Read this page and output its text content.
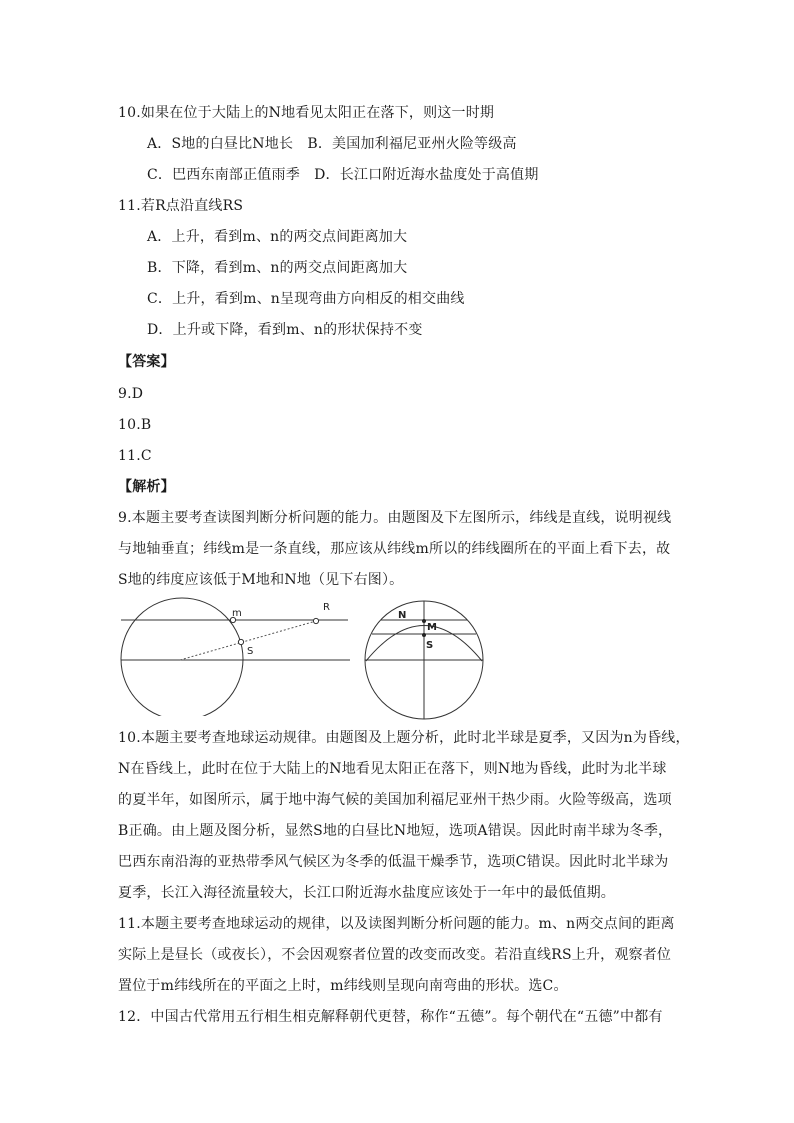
10.如果在位于大陆上的N地看见太阳正在落下，则这一时期
A．S地的白昼比N地长　B．美国加利福尼亚州火险等级高
C．巴西东南部正值雨季　D．长江口附近海水盐度处于高值期
11.若R点沿直线RS
A．上升，看到m、n的两交点间距离加大
B．下降，看到m、n的两交点间距离加大
C．上升，看到m、n呈现弯曲方向相反的相交曲线
D．上升或下降，看到m、n的形状保持不变
【答案】
9.D
10.B
11.C
【解析】
9.本题主要考查读图判断分析问题的能力。由题图及下左图所示，纬线是直线，说明视线
与地轴垂直；纬线m是一条直线，那应该从纬线m所以的纬线圈所在的平面上看下去，故
S地的纬度应该低于M地和N地（见下右图）。
m
R
S
N
M
S
10.本题主要考查地球运动规律。由题图及上题分析，此时北半球是夏季，又因为n为昏线，
N在昏线上，此时在位于大陆上的N地看见太阳正在落下，则N地为昏线，此时为北半球
的夏半年，如图所示，属于地中海气候的美国加利福尼亚州干热少雨。火险等级高，选项
B正确。由上题及图分析，显然S地的白昼比N地短，选项A错误。因此时南半球为冬季，
巴西东南沿海的亚热带季风气候区为冬季的低温干燥季节，选项C错误。因此时北半球为
夏季，长江入海径流量较大，长江口附近海水盐度应该处于一年中的最低值期。
11.本题主要考查地球运动的规律，以及读图判断分析问题的能力。m、n两交点间的距离
实际上是昼长（或夜长），不会因观察者位置的改变而改变。若沿直线RS上升，观察者位
置位于m纬线所在的平面之上时，m纬线则呈现向南弯曲的形状。选C。
12．中国古代常用五行相生相克解释朝代更替，称作“五德”。每个朝代在“五德”中都有
